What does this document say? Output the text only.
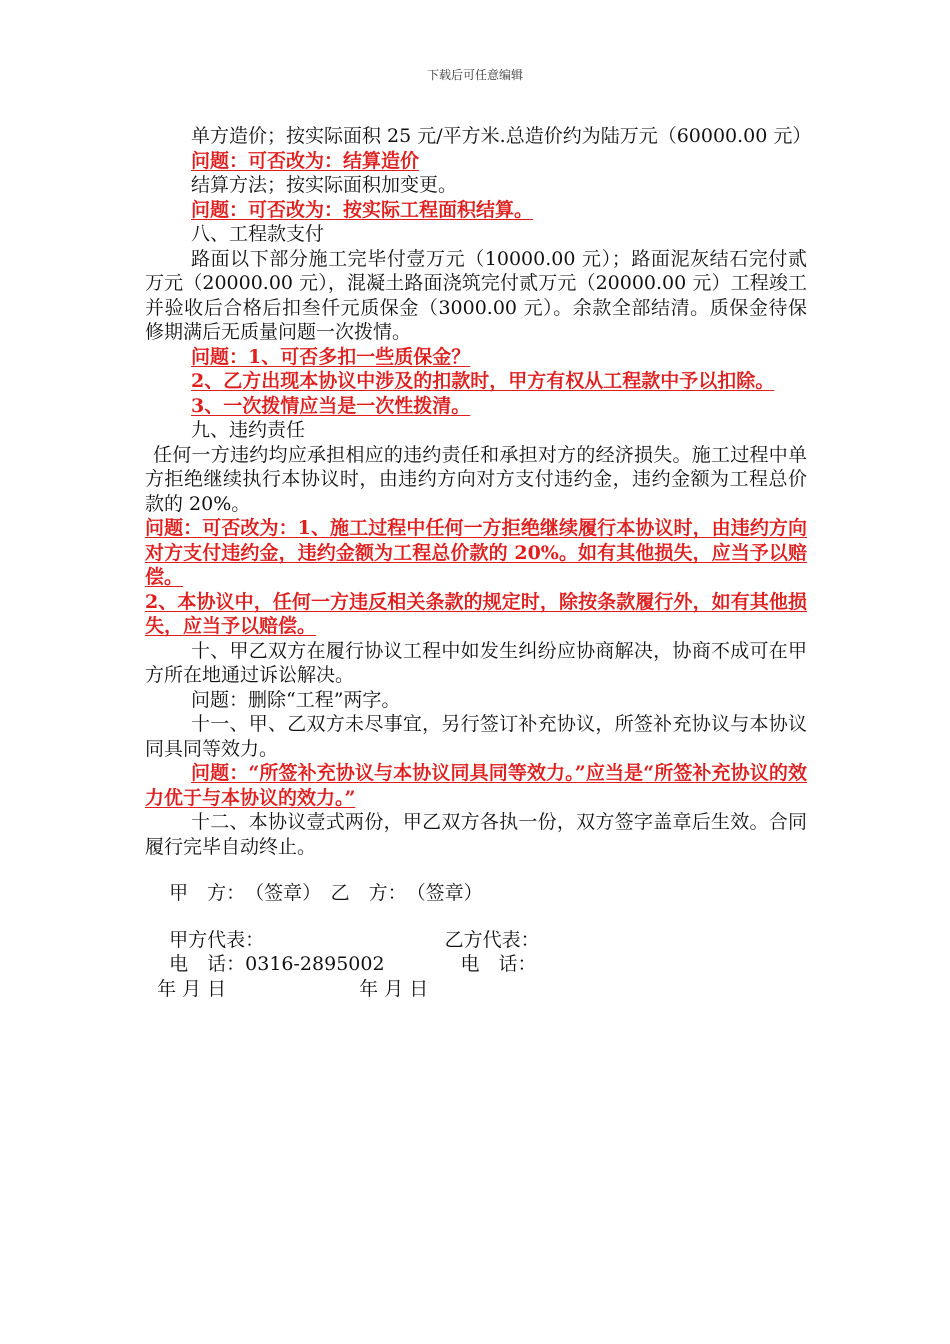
下载后可任意编辑

单方造价；按实际面积 25 元/平方米.总造价约为陆万元（60000.00 元）

问题：可否改为：结算造价

结算方法；按实际面积加变更。

问题：可否改为：按实际工程面积结算。

八、工程款支付

路面以下部分施工完毕付壹万元（10000.00 元）；路面泥灰结石完付贰万元（20000.00 元），混凝土路面浇筑完付贰万元（20000.00 元）工程竣工并验收后合格后扣叁仟元质保金（3000.00 元）。余款全部结清。质保金待保修期满后无质量问题一次拨情。

问题：1、可否多扣一些质保金？

2、乙方出现本协议中涉及的扣款时，甲方有权从工程款中予以扣除。

3、一次拨情应当是一次性拨清。

九、违约责任

任何一方违约均应承担相应的违约责任和承担对方的经济损失。施工过程中单方拒绝继续执行本协议时，由违约方向对方支付违约金，违约金额为工程总价款的 20%。

问题：可否改为：1、施工过程中任何一方拒绝继续履行本协议时，由违约方向对方支付违约金，违约金额为工程总价款的 20%。如有其他损失，应当予以赔偿。

2、本协议中，任何一方违反相关条款的规定时，除按条款履行外，如有其他损失，应当予以赔偿。

十、甲乙双方在履行协议工程中如发生纠纷应协商解决，协商不成可在甲方所在地通过诉讼解决。

问题：删除“工程”两字。

十一、甲、乙双方未尽事宜，另行签订补充协议，所签补充协议与本协议同具同等效力。

问题：“所签补充协议与本协议同具同等效力。”应当是“所签补充协议的效力优于与本协议的效力。”

十二、本协议壹式两份，甲乙双方各执一份，双方签字盖章后生效。合同履行完毕自动终止。

甲　方：　（签章）　乙　方：　（签章）

甲方代表：　　　　　　　　　　乙方代表：

电　话：0316-2895002　　　　电　话：

年 月 日　　　　　　　年 月 日
